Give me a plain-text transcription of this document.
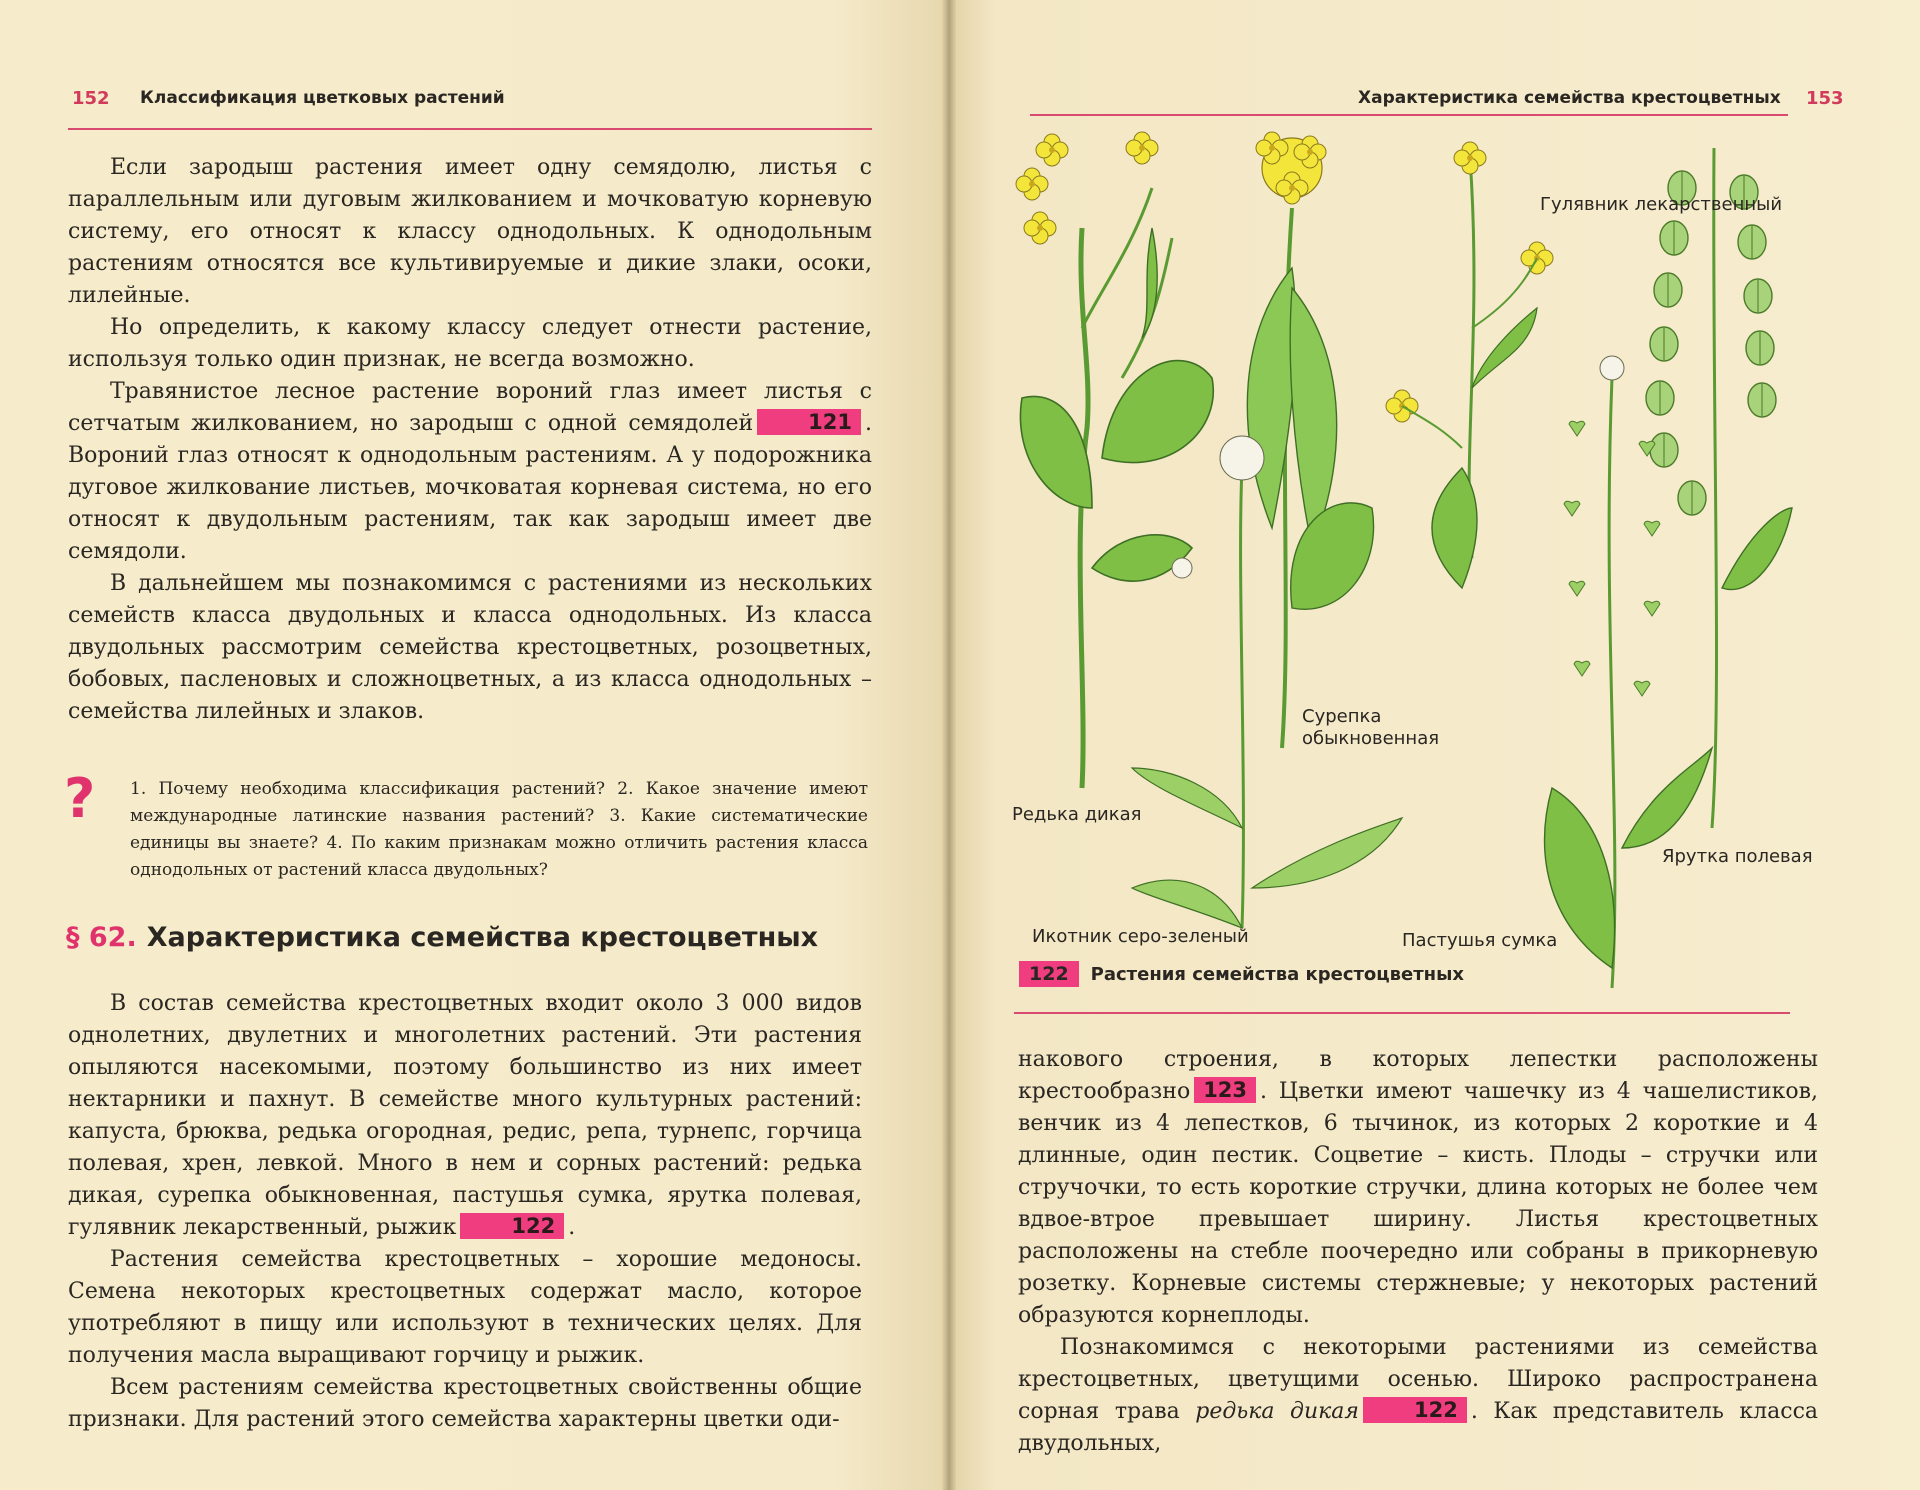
152 Классификация цветковых растений

Если зародыш растения имеет одну семядолю, листья с параллельным или дуговым жилкованием и мочковатую корневую систему, его относят к классу однодольных. К однодольным растениям относятся все культивируемые и дикие злаки, осоки, лилейные.

Но определить, к какому классу следует отнести растение, используя только один признак, не всегда возможно.

Травянистое лесное растение вороний глаз имеет листья с сетчатым жилкованием, но зародыш с одной семядолей	121 . Вороний глаз относят к однодольным растениям. А у подорожника дуговое жилкование листьев, мочковатая корневая система, но его относят к двудольным растениям, так как зародыш имеет две семядоли.

В дальнейшем мы познакомимся с растениями из нескольких семейств класса двудольных и класса однодольных. Из класса двудольных рассмотрим семейства крестоцветных, розоцветных, бобовых, пасленовых и сложноцветных, а из класса однодольных – семейства лилейных и злаков.

? 1. Почему необходима классификация растений? 2. Какое значение имеют международные латинские названия растений? 3. Какие систематические единицы вы знаете? 4. По каким признакам можно отличить растения класса однодольных от растений класса двудольных?
§ 62. Характеристика семейства крестоцветных

В состав семейства крестоцветных входит около 3 000 видов однолетних, двулетних и многолетних растений. Эти растения опыляются насекомыми, поэтому большинство из них имеет нектарники и пахнут. В семействе много культурных растений: капуста, брюква, редька огородная, редис, репа, турнепс, горчица полевая, хрен, левкой. Много в нем и сорных растений: редька дикая, сурепка обыкновенная, пастушья сумка, ярутка полевая, гулявник лекарственный, рыжик	122 .

Растения семейства крестоцветных – хорошие медоносы. Семена некоторых крестоцветных содержат масло, которое употребляют в пищу или используют в технических целях. Для получения масла выращивают горчицу и рыжик.

Всем растениям семейства крестоцветных свойственны общие признаки. Для растений этого семейства характерны цветки оди-

Характеристика семейства крестоцветных 153
Гулявник лекарственный
Сурепка обыкновенная
Редька дикая
Ярутка полевая
Икотник серо-зеленый	Пастушья сумка
122	Растения семейства крестоцветных

накового строения, в которых лепестки расположены крестообразно 123 . Цветки имеют чашечку из 4 чашелистиков, венчик из 4 лепестков, 6 тычинок, из которых 2 короткие и 4 длинные, один пестик. Соцветие – кисть. Плоды – стручки или стручочки, то есть короткие стручки, длина которых не более чем вдвое-втрое превышает ширину. Листья крестоцветных расположены на стебле поочередно или собраны в прикорневую розетку. Корневые системы стержневые; у некоторых растений образуются корнеплоды.

Познакомимся с некоторыми растениями из семейства крестоцветных, цветущими осенью. Широко распространена сорная трава редька дикая	122 . Как представитель класса двудольных,
